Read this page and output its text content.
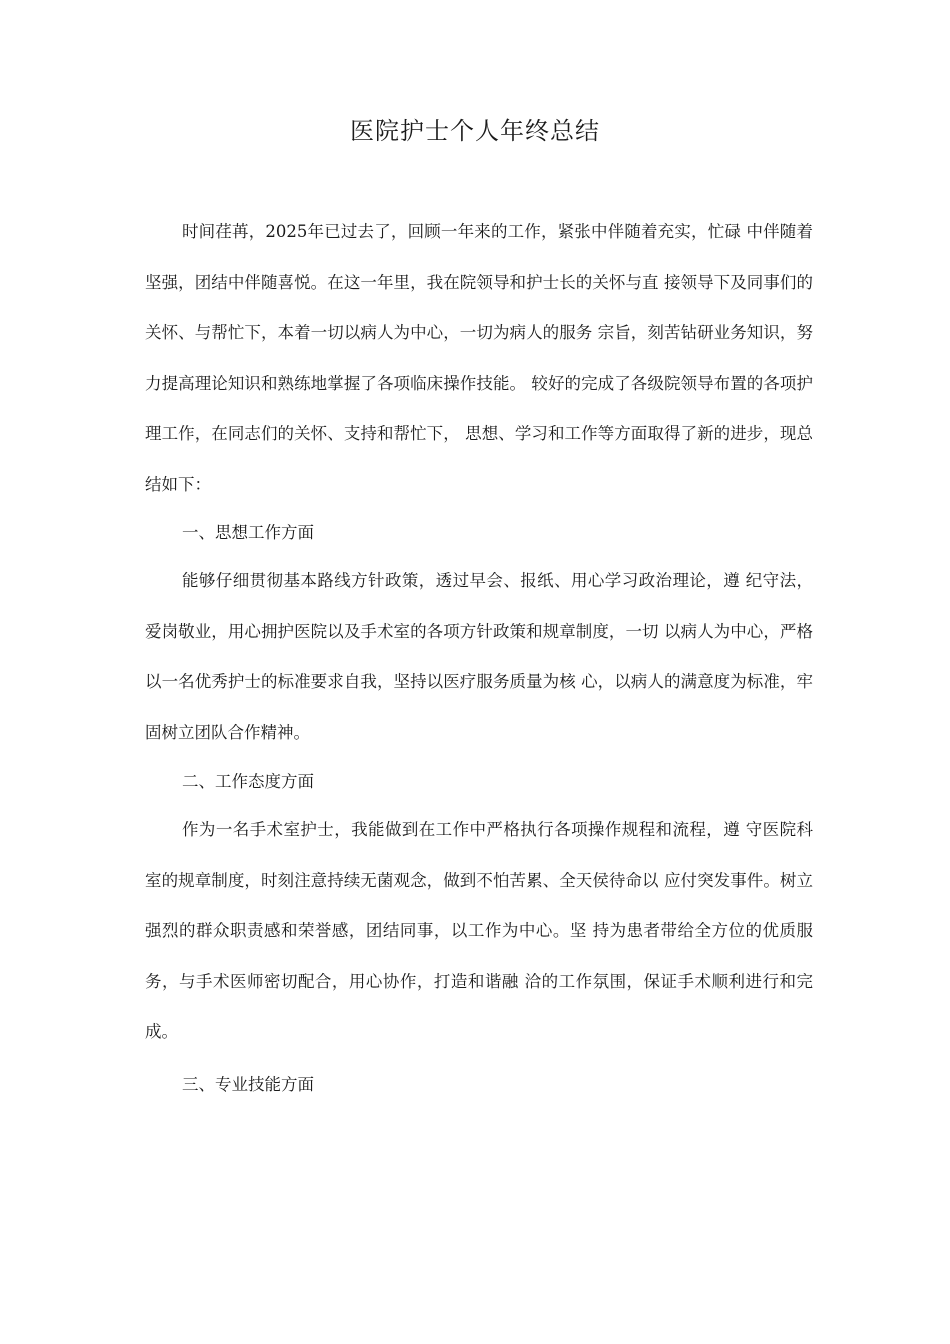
医院护士个人年终总结

时间荏苒，2025年已过去了，回顾一年来的工作，紧张中伴随着充实，忙碌 中伴随着坚强，团结中伴随喜悦。在这一年里，我在院领导和护士长的关怀与直 接领导下及同事们的关怀、与帮忙下，本着一切以病人为中心，一切为病人的服务 宗旨，刻苦钻研业务知识，努力提高理论知识和熟练地掌握了各项临床操作技能。 较好的完成了各级院领导布置的各项护理工作，在同志们的关怀、支持和帮忙下， 思想、学习和工作等方面取得了新的进步，现总结如下：

一、思想工作方面

能够仔细贯彻基本路线方针政策，透过早会、报纸、用心学习政治理论，遵 纪守法，爱岗敬业，用心拥护医院以及手术室的各项方针政策和规章制度，一切 以病人为中心，严格以一名优秀护士的标准要求自我，坚持以医疗服务质量为核 心，以病人的满意度为标准，牢固树立团队合作精神。

二、工作态度方面

作为一名手术室护士，我能做到在工作中严格执行各项操作规程和流程，遵 守医院科室的规章制度，时刻注意持续无菌观念，做到不怕苦累、全天侯待命以 应付突发事件。树立强烈的群众职责感和荣誉感，团结同事，以工作为中心。坚 持为患者带给全方位的优质服务，与手术医师密切配合，用心协作，打造和谐融 洽的工作氛围，保证手术顺利进行和完成。

三、专业技能方面
